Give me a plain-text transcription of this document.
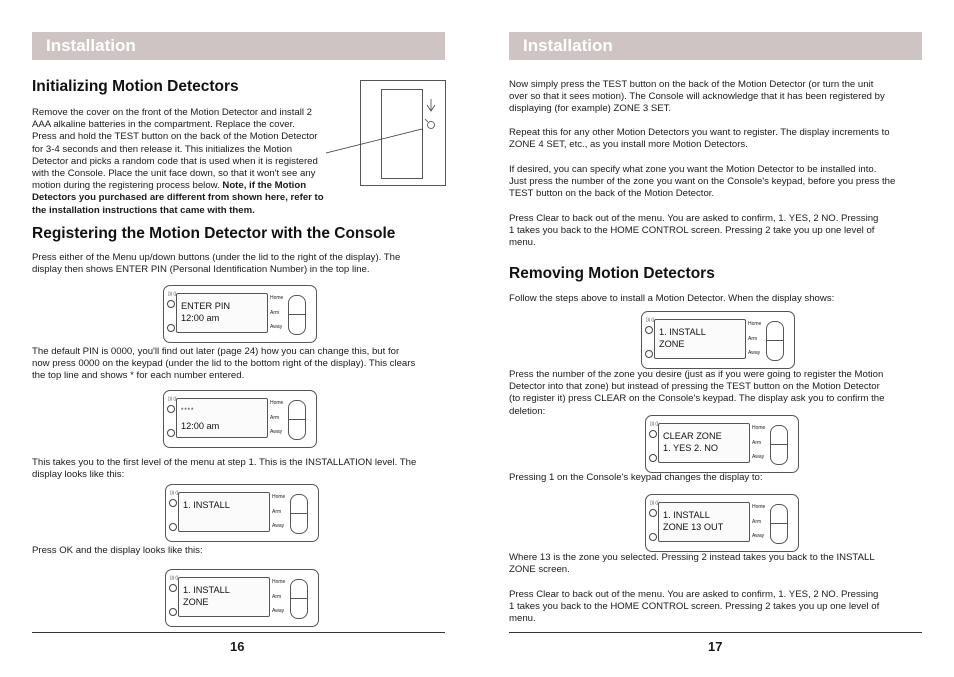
Installation
Initializing Motion Detectors
Remove the cover on the front of the Motion Detector and install 2
AAA alkaline batteries in the compartment. Replace the cover.
Press and hold the TEST button on the back of the Motion Detector
for 3-4 seconds and then release it. This initializes the Motion
Detector and picks a random code that is used when it is registered
with the Console. Place the unit face down, so that it won't see any
motion during the registering process below. Note, if the Motion
Detectors you purchased are different from shown here, refer to
the installation instructions that came with them.
Registering the Motion Detector with the Console
Press either of the Menu up/down buttons (under the lid to the right of the display). The
display then shows ENTER PIN (Personal Identification Number) in the top line.
))) ((
ENTER PIN
12:00 am
Home
Arm
Away
The default PIN is 0000, you'll find out later (page 24) how you can change this, but for
now press 0000 on the keypad (under the lid to the bottom right of the display). This clears
the top line and shows * for each number entered.
))) ((
****
12:00 am
Home
Arm
Away
This takes you to the first level of the menu at step 1. This is the INSTALLATION level. The
display looks like this:
))) ((
1. INSTALL
Home
Arm
Away
Press OK and the display looks like this:
))) ((
1. INSTALL
ZONE
Home
Arm
Away
16
Installation
Now simply press the TEST button on the back of the Motion Detector (or turn the unit
over so that it sees motion). The Console will acknowledge that it has been registered by
displaying (for example) ZONE 3 SET.
Repeat this for any other Motion Detectors you want to register. The display increments to
ZONE 4 SET, etc., as you install more Motion Detectors.
If desired, you can specify what zone you want the Motion Detector to be installed into.
Just press the number of the zone you want on the Console's keypad, before you press the
TEST button on the back of the Motion Detector.
Press Clear to back out of the menu. You are asked to confirm, 1. YES, 2 NO. Pressing
1 takes you back to the HOME CONTROL screen. Pressing 2 take you up one level of
menu.
Removing Motion Detectors
Follow the steps above to install a Motion Detector. When the display shows:
))) ((
1. INSTALL
ZONE
Home
Arm
Away
Press the number of the zone you desire (just as if you were going to register the Motion
Detector into that zone) but instead of pressing the TEST button on the Motion Detector
(to register it) press CLEAR on the Console's keypad. The display ask you to confirm the
deletion:
))) ((
CLEAR ZONE
1. YES 2. NO
Home
Arm
Away
Pressing 1 on the Console's keypad changes the display to:
))) ((
1. INSTALL
ZONE 13 OUT
Home
Arm
Away
Where 13 is the zone you selected. Pressing 2 instead takes you back to the INSTALL
ZONE screen.
Press Clear to back out of the menu. You are asked to confirm, 1. YES, 2 NO. Pressing
1 takes you back to the HOME CONTROL screen. Pressing 2 takes you up one level of
menu.
17
